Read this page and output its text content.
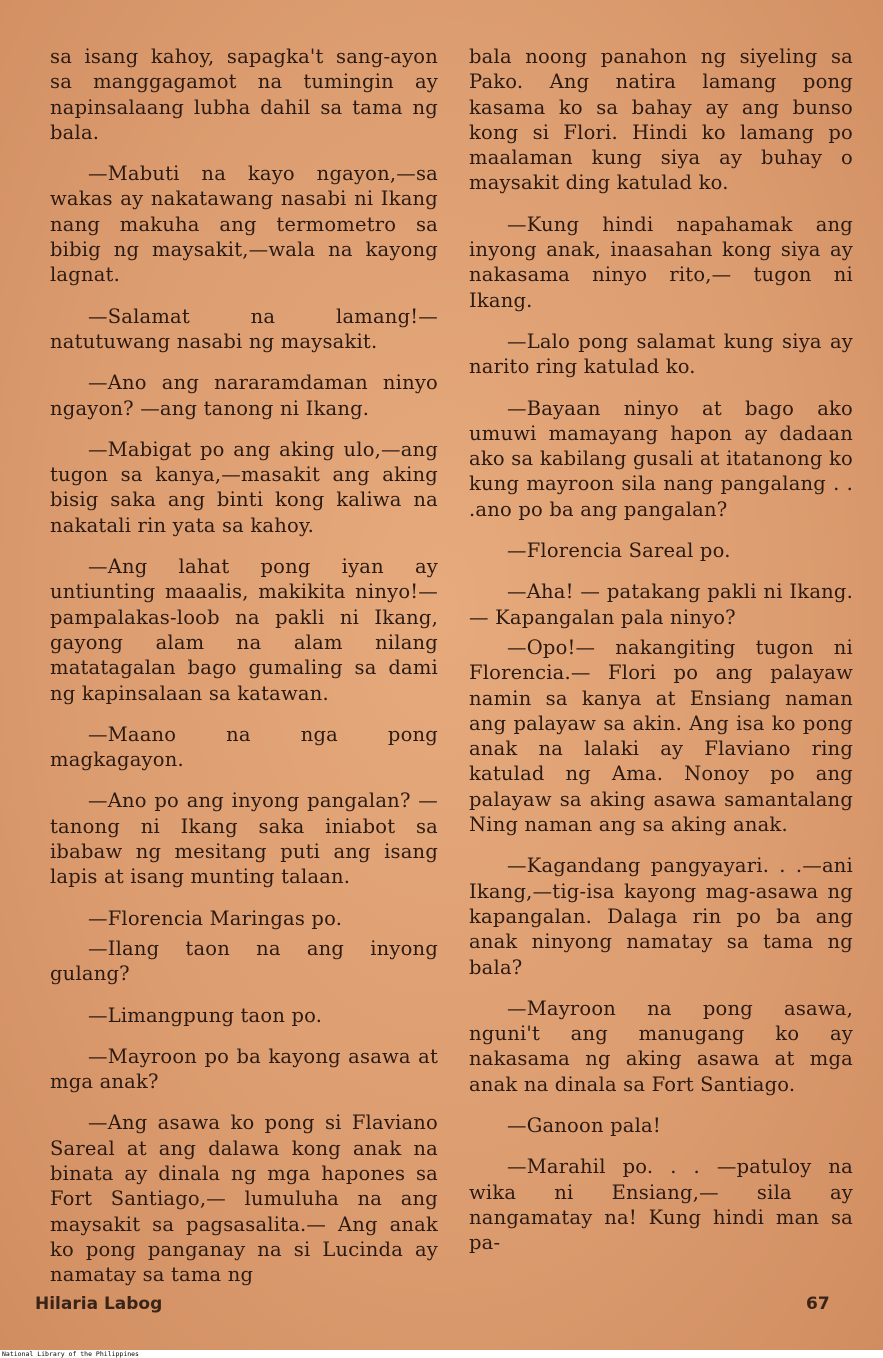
sa isang kahoy, sapagka't sang-ayon sa manggagamot na tumingin ay napinsalaang lubha dahil sa tama ng bala.

—Mabuti na kayo ngayon,—sa wakas ay nakatawang nasabi ni Ikang nang makuha ang termometro sa bibig ng maysakit,—wala na kayong lagnat.

—Salamat na lamang!— natutuwang nasabi ng maysakit.

—Ano ang nararamdaman ninyo ngayon? —ang tanong ni Ikang.

—Mabigat po ang aking ulo,—ang tugon sa kanya,—masakit ang aking bisig saka ang binti kong kaliwa na nakatali rin yata sa kahoy.

—Ang lahat pong iyan ay untiunting maaalis, makikita ninyo!—pampalakas-loob na pakli ni Ikang, gayong alam na alam nilang matatagalan bago gumaling sa dami ng kapinsalaan sa katawan.

—Maano na nga pong magkagayon.

—Ano po ang inyong pangalan? —tanong ni Ikang saka iniabot sa ibabaw ng mesitang puti ang isang lapis at isang munting talaan.

—Florencia Maringas po.

—Ilang taon na ang inyong gulang?

—Limangpung taon po.

—Mayroon po ba kayong asawa at mga anak?

—Ang asawa ko pong si Flaviano Sareal at ang dalawa kong anak na binata ay dinala ng mga hapones sa Fort Santiago,— lumuluha na ang maysakit sa pagsasalita.— Ang anak ko pong panganay na si Lucinda ay namatay sa tama ng

bala noong panahon ng siyeling sa Pako. Ang natira lamang pong kasama ko sa bahay ay ang bunso kong si Flori. Hindi ko lamang po maalaman kung siya ay buhay o maysakit ding katulad ko.

—Kung hindi napahamak ang inyong anak, inaasahan kong siya ay nakasama ninyo rito,— tugon ni Ikang.

—Lalo pong salamat kung siya ay narito ring katulad ko.

—Bayaan ninyo at bago ako umuwi mamayang hapon ay dadaan ako sa kabilang gusali at itatanong ko kung mayroon sila nang pangalang . . .ano po ba ang pangalan?

—Florencia Sareal po.

—Aha! — patakang pakli ni Ikang.— Kapangalan pala ninyo?

—Opo!— nakangiting tugon ni Florencia.— Flori po ang palayaw namin sa kanya at Ensiang naman ang palayaw sa akin. Ang isa ko pong anak na lalaki ay Flaviano ring katulad ng Ama. Nonoy po ang palayaw sa aking asawa samantalang Ning naman ang sa aking anak.

—Kagandang pangyayari. . .—ani Ikang,—tig-isa kayong mag-asawa ng kapangalan. Dalaga rin po ba ang anak ninyong namatay sa tama ng bala?

—Mayroon na pong asawa, nguni't ang manugang ko ay nakasama ng aking asawa at mga anak na dinala sa Fort Santiago.

—Ganoon pala!

—Marahil po. . . —patuloy na wika ni Ensiang,— sila ay nangamatay na! Kung hindi man sa pa-

Hilaria Labog	67
National Library of the Philippines
